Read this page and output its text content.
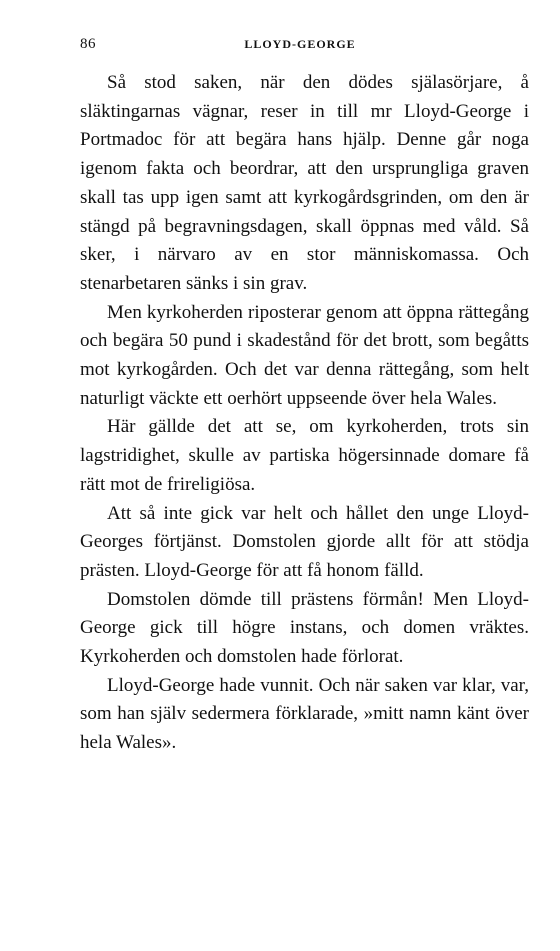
86	LLOYD-GEORGE

Så stod saken, när den dödes själasörjare, å släktingarnas vägnar, reser in till mr Lloyd-George i Portmadoc för att begära hans hjälp. Denne går noga igenom fakta och beordrar, att den ursprungliga graven skall tas upp igen samt att kyrkogårdsgrinden, om den är stängd på begravningsdagen, skall öppnas med våld. Så sker, i närvaro av en stor människomassa. Och stenarbetaren sänks i sin grav.

Men kyrkoherden riposterar genom att öppna rättegång och begära 50 pund i skadestånd för det brott, som begåtts mot kyrkogården. Och det var denna rättegång, som helt naturligt väckte ett oerhört uppseende över hela Wales.

Här gällde det att se, om kyrkoherden, trots sin lagstridighet, skulle av partiska högersinnade domare få rätt mot de frireligiösa.

Att så inte gick var helt och hållet den unge Lloyd-Georges förtjänst. Domstolen gjorde allt för att stödja prästen. Lloyd-George för att få honom fälld.

Domstolen dömde till prästens förmån! Men Lloyd-George gick till högre instans, och domen vräktes. Kyrkoherden och domstolen hade förlorat.

Lloyd-George hade vunnit. Och när saken var klar, var, som han själv sedermera förklarade, »mitt namn känt över hela Wales».
